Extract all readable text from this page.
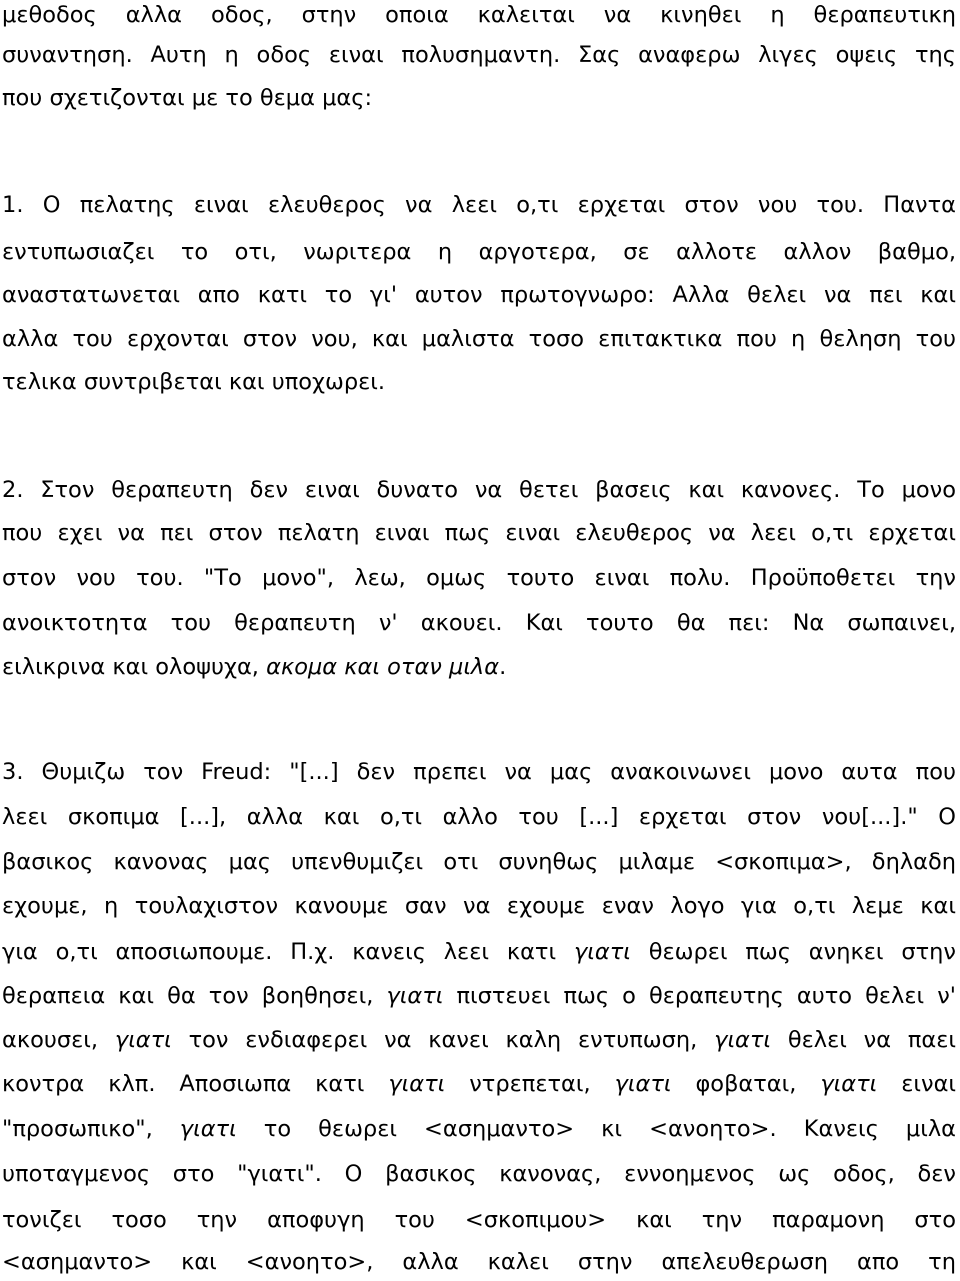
μεθοδος αλλα οδος, στην οποια καλειται να κινηθει η θεραπευτικη
συναντηση. Αυτη η οδος ειναι πολυσημαντη. Σας αναφερω λιγες οψεις της
που σχετιζονται με το θεμα μας:
1. Ο πελατης ειναι ελευθερος να λεει ο,τι ερχεται στον νου του. Παντα
εντυπωσιαζει το οτι, νωριτερα η αργοτερα, σε αλλοτε αλλον βαθμο,
αναστατωνεται απο κατι το γι' αυτον πρωτογνωρο: Αλλα θελει να πει και
αλλα του ερχονται στον νου, και μαλιστα τοσο επιτακτικα που η θεληση του
τελικα συντριβεται και υποχωρει.
2. Στον θεραπευτη δεν ειναι δυνατο να θετει βασεις και κανονες. Το μονο
που εχει να πει στον πελατη ειναι πως ειναι ελευθερος να λεει ο,τι ερχεται
στον νου του. "Το μονο", λεω, ομως τουτο ειναι πολυ. Προϋποθετει την
ανοικτοτητα του θεραπευτη ν' ακουει. Και τουτο θα πει: Να σωπαινει,
ειλικρινα και ολοψυχα, ακομα και οταν μιλα.
3. Θυμιζω τον Freud: "[...] δεν πρεπει να μας ανακοινωνει μονο αυτα που
λεει σκοπιμα [...], αλλα και ο,τι αλλο του [...] ερχεται στον νου[...]." Ο
βασικος κανονας μας υπενθυμιζει οτι συνηθως μιλαμε <σκοπιμα>, δηλαδη
εχουμε, η τουλαχιστον κανουμε σαν να εχουμε εναν λογο για ο,τι λεμε και
για ο,τι αποσιωπουμε. Π.χ. κανεις λεει κατι γιατι θεωρει πως ανηκει στην
θεραπεια και θα τον βοηθησει, γιατι πιστευει πως ο θεραπευτης αυτο θελει ν'
ακουσει, γιατι τον ενδιαφερει να κανει καλη εντυπωση, γιατι θελει να παει
κοντρα κλπ. Αποσιωπα κατι γιατι ντρεπεται, γιατι φοβαται, γιατι ειναι
"προσωπικο", γιατι το θεωρει <ασημαντο> κι <ανοητο>. Κανεις μιλα
υποταγμενος στο "γιατι". Ο βασικος κανονας, εννοημενος ως οδος, δεν
τονιζει τοσο την αποφυγη του <σκοπιμου> και την παραμονη στο
<ασημαντο> και <ανοητο>, αλλα καλει στην απελευθερωση απο τη
